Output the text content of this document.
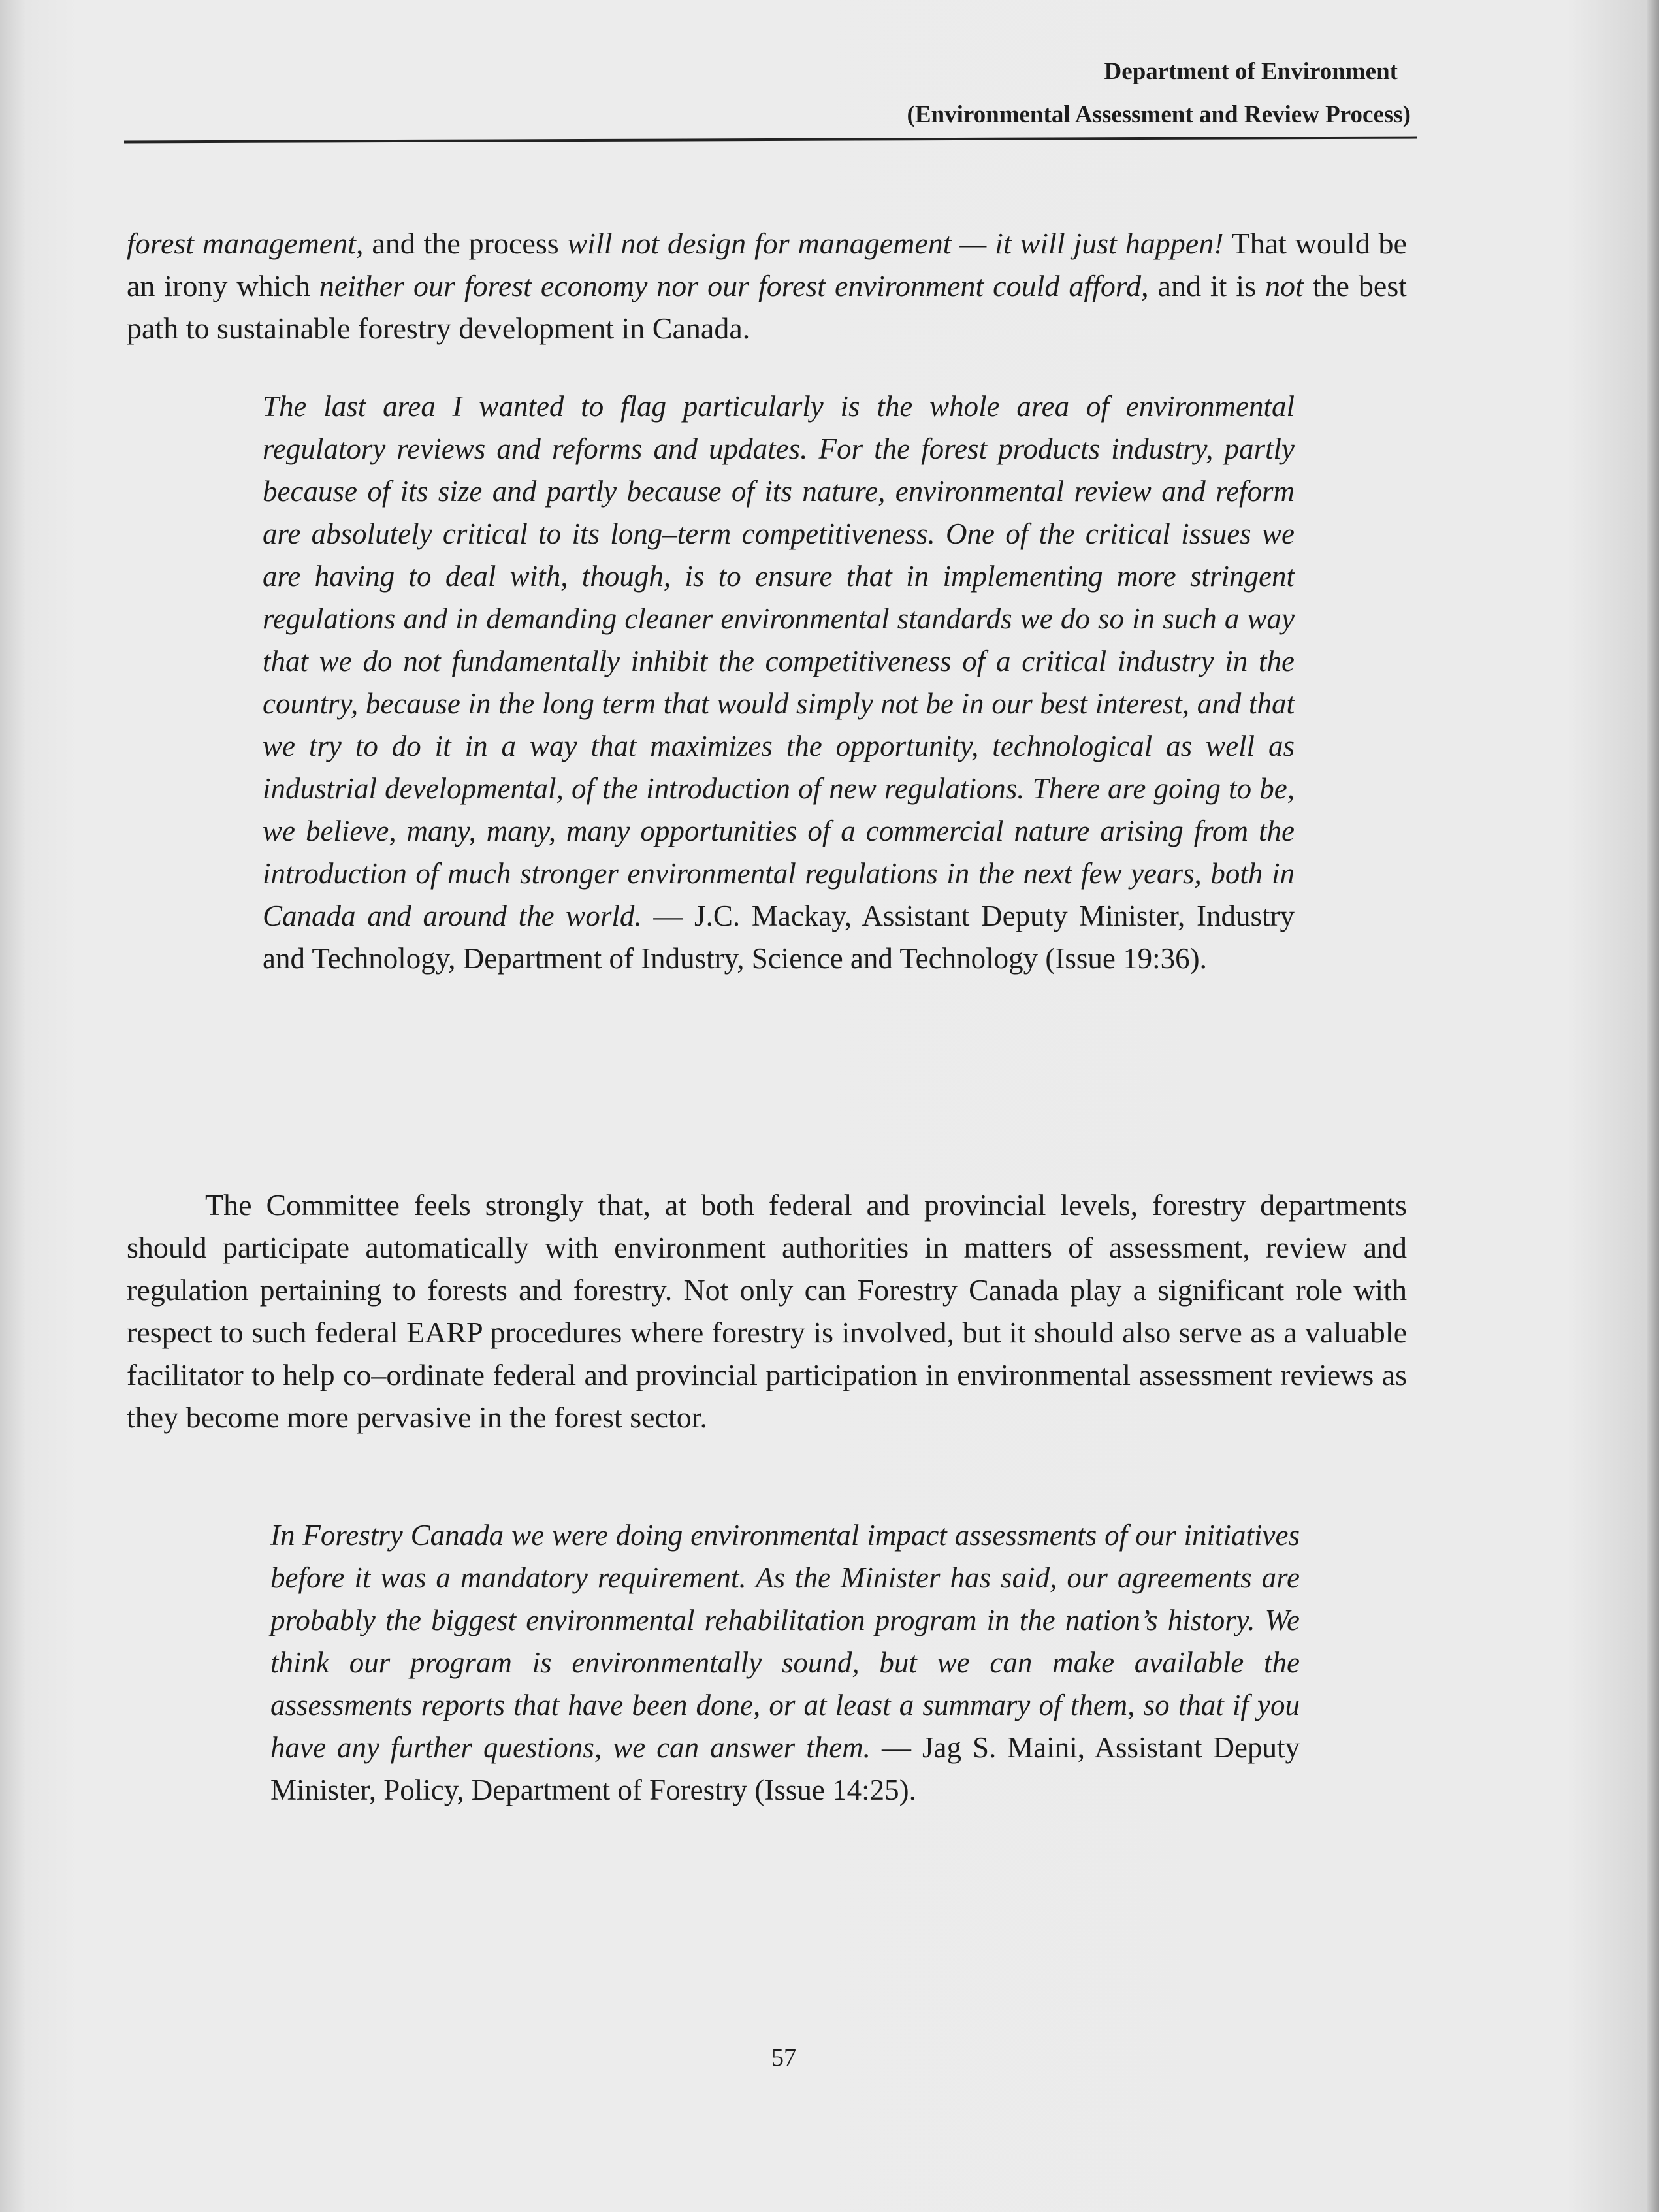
Department of Environment
(Environmental Assessment and Review Process)

forest management, and the process will not design for management — it will just happen! That would be an irony which neither our forest economy nor our forest environment could afford, and it is not the best path to sustainable forestry development in Canada.

The last area I wanted to flag particularly is the whole area of environmental regulatory reviews and reforms and updates. For the forest products industry, partly because of its size and partly because of its nature, environmental review and reform are absolutely critical to its long–term competitiveness. One of the critical issues we are having to deal with, though, is to ensure that in implementing more stringent regulations and in demanding cleaner environmental standards we do so in such a way that we do not fundamentally inhibit the competitiveness of a critical industry in the country, because in the long term that would simply not be in our best interest, and that we try to do it in a way that maximizes the opportunity, technological as well as industrial developmental, of the introduction of new regulations. There are going to be, we believe, many, many, many opportunities of a commercial nature arising from the introduction of much stronger environmental regulations in the next few years, both in Canada and around the world. — J.C. Mackay, Assistant Deputy Minister, Industry and Technology, Department of Industry, Science and Technology (Issue 19:36).

The Committee feels strongly that, at both federal and provincial levels, forestry departments should participate automatically with environment authorities in matters of assessment, review and regulation pertaining to forests and forestry. Not only can Forestry Canada play a significant role with respect to such federal EARP procedures where forestry is involved, but it should also serve as a valuable facilitator to help co–ordinate federal and provincial participation in environmental assessment reviews as they become more pervasive in the forest sector.

In Forestry Canada we were doing environmental impact assessments of our initiatives before it was a mandatory requirement. As the Minister has said, our agreements are probably the biggest environmental rehabilitation program in the nation’s history. We think our program is environmentally sound, but we can make available the assessments reports that have been done, or at least a summary of them, so that if you have any further questions, we can answer them. — Jag S. Maini, Assistant Deputy Minister, Policy, Department of Forestry (Issue 14:25).

57
